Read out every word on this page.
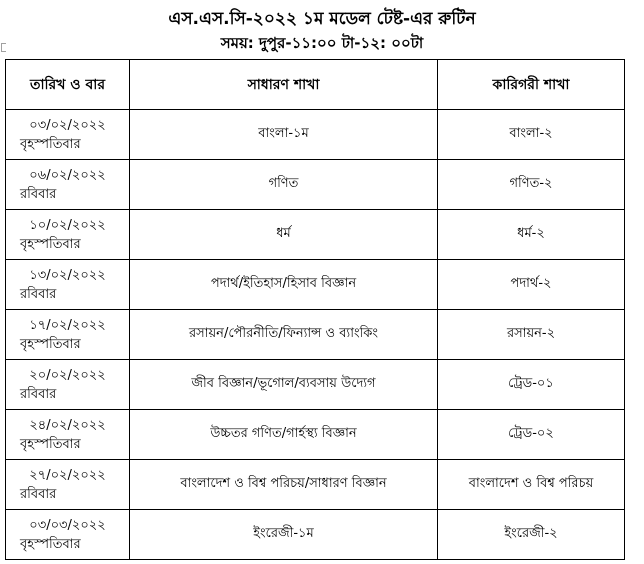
এস.এস.সি-২০২২ ১ম মডেল টেষ্ট-এর রুটিন
সময়: দুপুর-১১:০০ টা-১২: ০০টা
তারিখ ও বার	সাধারণ শাখা	কারিগরী শাখা

০৩/০২/২০২২
বৃহস্পতিবার	বাংলা-১ম	বাংলা-২

০৬/০২/২০২২
রবিবার	গণিত	গণিত-২

১০/০২/২০২২
বৃহস্পতিবার	ধর্ম	ধর্ম-২

১৩/০২/২০২২
রবিবার	পদার্থ/ইতিহাস/হিসাব বিজ্ঞান	পদার্থ-২

১৭/০২/২০২২
বৃহস্পতিবার	রসায়ন/পৌরনীতি/ফিন্যান্স ও ব্যাংকিং	রসায়ন-২

২০/০২/২০২২
রবিবার	জীব বিজ্ঞান/ভূগোল/ব্যবসায় উদ্যেগ	ট্রেড-০১

২৪/০২/২০২২
বৃহস্পতিবার	উচ্চতর গণিত/গার্হস্থ্য বিজ্ঞান	ট্রেড-০২

২৭/০২/২০২২
রবিবার	বাংলাদেশ ও বিশ্ব পরিচয়/সাধারণ বিজ্ঞান	বাংলাদেশ ও বিশ্ব পরিচয়

০৩/০৩/২০২২
বৃহস্পতিবার	ইংরেজী-১ম	ইংরেজী-২
